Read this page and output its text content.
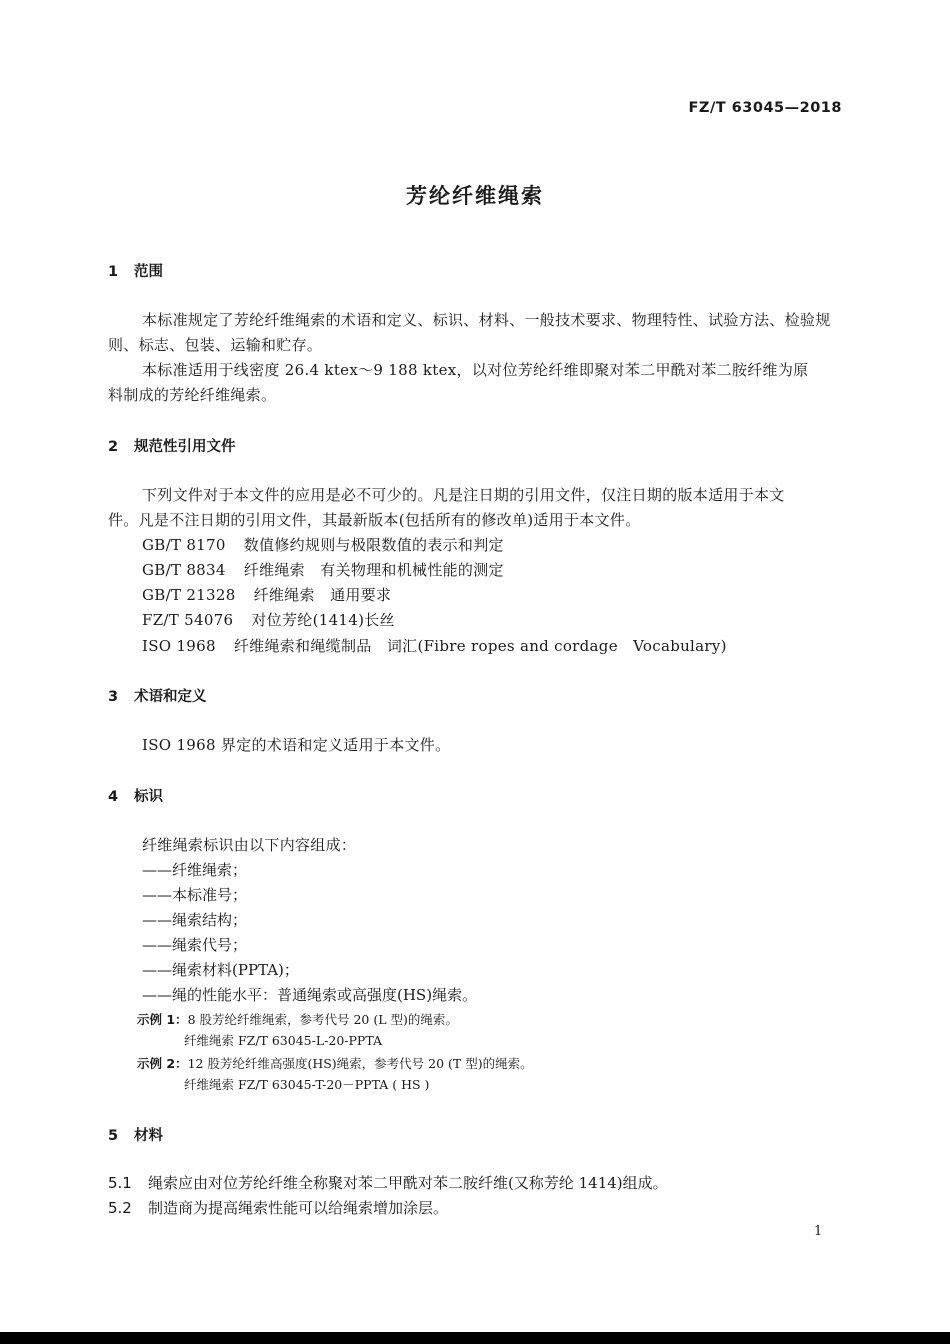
FZ/T 63045—2018
芳纶纤维绳索
1 范围
本标准规定了芳纶纤维绳索的术语和定义、标识、材料、一般技术要求、物理特性、试验方法、检验规
则、标志、包装、运输和贮存。
本标准适用于线密度 26.4 ktex～9 188 ktex，以对位芳纶纤维即聚对苯二甲酰对苯二胺纤维为原
料制成的芳纶纤维绳索。
2 规范性引用文件
下列文件对于本文件的应用是必不可少的。凡是注日期的引用文件，仅注日期的版本适用于本文
件。凡是不注日期的引用文件，其最新版本(包括所有的修改单)适用于本文件。
GB/T 8170 数值修约规则与极限数值的表示和判定
GB/T 8834 纤维绳索　有关物理和机械性能的测定
GB/T 21328 纤维绳索　通用要求
FZ/T 54076 对位芳纶(1414)长丝
ISO 1968 纤维绳索和绳缆制品　词汇(Fibre ropes and cordage　Vocabulary)
3 术语和定义
ISO 1968 界定的术语和定义适用于本文件。
4 标识
纤维绳索标识由以下内容组成：
——纤维绳索；
——本标准号；
——绳索结构；
——绳索代号；
——绳索材料(PPTA)；
——绳的性能水平：普通绳索或高强度(HS)绳索。
示例 1：8 股芳纶纤维绳索，参考代号 20 (L 型)的绳索。
纤维绳索 FZ/T 63045-L-20-PPTA
示例 2：12 股芳纶纤维高强度(HS)绳索，参考代号 20 (T 型)的绳索。
纤维绳索 FZ/T 63045-T-20－PPTA ( HS )
5 材料
5.1 绳索应由对位芳纶纤维全称聚对苯二甲酰对苯二胺纤维(又称芳纶 1414)组成。
5.2 制造商为提高绳索性能可以给绳索增加涂层。
1
